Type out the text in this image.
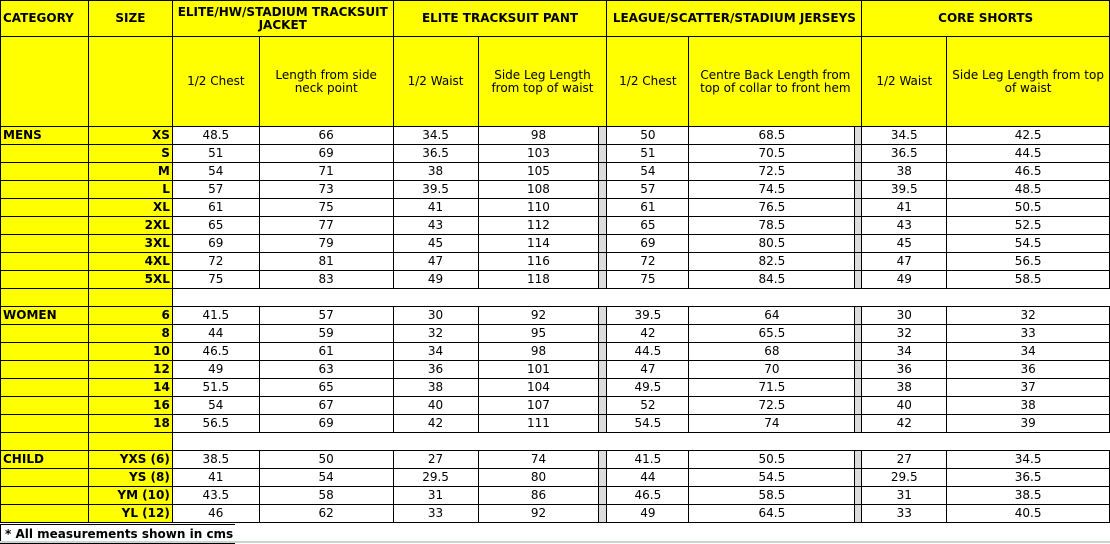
CATEGORY	SIZE	ELITE/HW/STADIUM TRACKSUIT JACKET		ELITE TRACKSUIT PANT			LEAGUE/SCATTER/STADIUM JERSEYS			CORE SHORTS	
		1/2 Chest	Length from side neck point	1/2 Waist	Side Leg Length from top of waist		1/2 Chest	Centre Back Length from top of collar to front hem		1/2 Waist	Side Leg Length from top of waist
MENS	XS	48.5	66	34.5	98		50	68.5		34.5	42.5
	S	51	69	36.5	103		51	70.5		36.5	44.5
	M	54	71	38	105		54	72.5		38	46.5
	L	57	73	39.5	108		57	74.5		39.5	48.5
	XL	61	75	41	110		61	76.5		41	50.5
	2XL	65	77	43	112		65	78.5		43	52.5
	3XL	69	79	45	114		69	80.5		45	54.5
	4XL	72	81	47	116		72	82.5		47	56.5
	5XL	75	83	49	118		75	84.5		49	58.5

WOMEN	6	41.5	57	30	92		39.5	64		30	32
	8	44	59	32	95		42	65.5		32	33
	10	46.5	61	34	98		44.5	68		34	34
	12	49	63	36	101		47	70		36	36
	14	51.5	65	38	104		49.5	71.5		38	37
	16	54	67	40	107		52	72.5		40	38
	18	56.5	69	42	111		54.5	74		42	39

CHILD	YXS (6)	38.5	50	27	74		41.5	50.5		27	34.5
	YS (8)	41	54	29.5	80		44	54.5		29.5	36.5
	YM (10)	43.5	58	31	86		46.5	58.5		31	38.5
	YL (12)	46	62	33	92		49	64.5		33	40.5
* All measurements shown in cms
